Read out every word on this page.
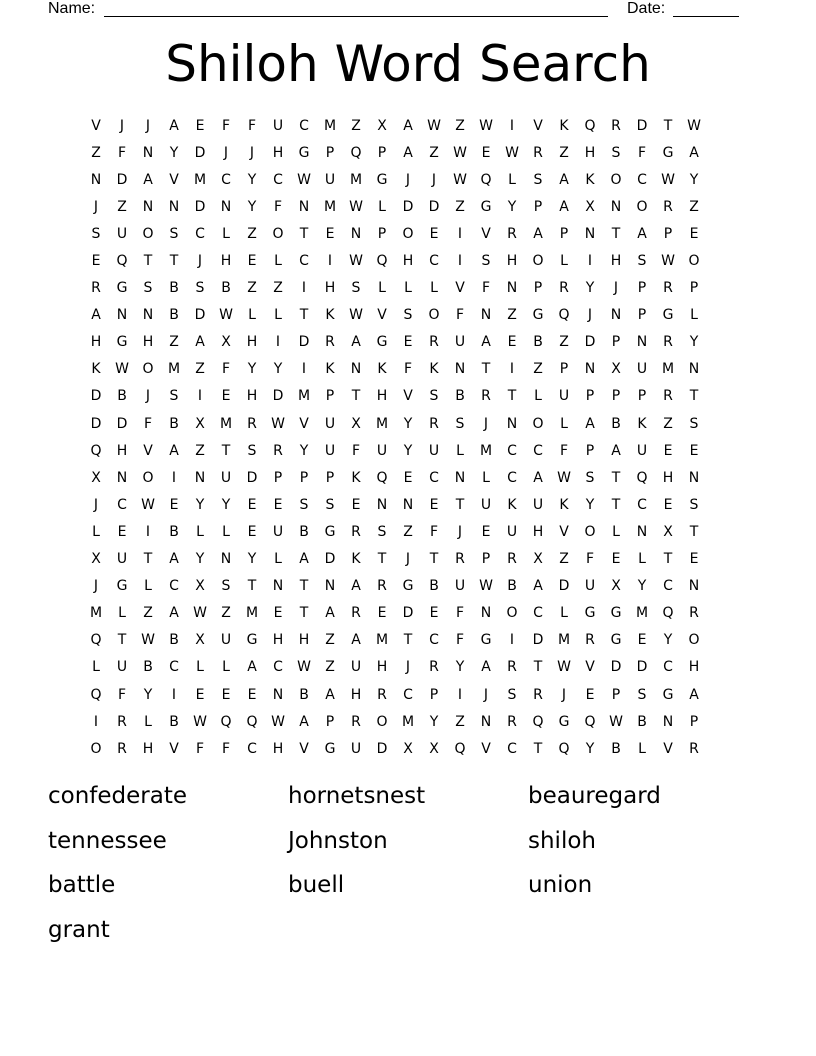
Name:	Date:
Shiloh Word Search
V	J	J	A	E	F	F	U	C	M	Z	X	A	W	Z	W	I	V	K	Q	R	D	T	W
Z	F	N	Y	D	J	J	H	G	P	Q	P	A	Z	W	E	W	R	Z	H	S	F	G	A
N	D	A	V	M	C	Y	C	W U	M	G	J	J	W Q	L	S	A	K	O	C	W	Y
J	Z	N	N	D	N	Y	F	N	M W	L	D	D	Z	G	Y	P	A	X	N	O	R	Z
S	U	O	S	C	L	Z	O	T	E	N	P	O	E	I	V	R	A	P	N	T	A	P	E
E	Q	T	T	J	H	E	L	C	I	W Q	H	C	I	S	H	O	L	I	H	S	W O
R	G	S	B	S	B	Z	Z	I	H	S	L	L	L	V	F	N	P	R	Y	J	P	R	P
A	N	N	B	D W	L	L	T	K	W	V	S	O	F	N	Z	G	Q	J	N	P	G	L
H	G	H	Z	A	X	H	I	D	R	A	G	E	R	U	A	E	B	Z	D	P	N	R	Y
K	W O	M	Z	F	Y	Y	I	K	N	K	F	K	N	T	I	Z	P	N	X	U	M	N
D	B	J	S	I	E	H	D	M	P	T	H	V	S	B	R	T	L	U	P	P	P	R	T
D	D	F	B	X	M	R	W	V	U	X	M	Y	R	S	J	N	O	L	A	B	K	Z	S
Q	H	V	A	Z	T	S	R	Y	U	F	U	Y	U	L	M	C	C	F	P	A	U	E	E
X	N	O	I	N	U	D	P	P	P	K	Q	E	C	N	L	C	A	W	S	T	Q	H	N
J	C	W	E	Y	Y	E	E	S	S	E	N	N	E	T	U	K	U	K	Y	T	C	E	S
L	E	I	B	L	L	E	U	B	G	R	S	Z	F	J	E	U	H	V	O	L	N	X	T
X	U	T	A	Y	N	Y	L	A	D	K	T	J	T	R	P	R	X	Z	F	E	L	T	E
J	G	L	C	X	S	T	N	T	N	A	R	G	B	U W	B	A	D	U	X	Y	C	N
M	L	Z	A	W	Z	M	E	T	A	R	E	D	E	F	N	O	C	L	G	G	M	Q	R
Q	T	W	B	X	U	G	H	H	Z	A	M	T	C	F	G	I	D	M	R	G	E	Y	O
L	U	B	C	L	L	A	C	W	Z	U	H	J	R	Y	A	R	T	W	V	D	D	C	H
Q	F	Y	I	E	E	E	N	B	A	H	R	C	P	I	J	S	R	J	E	P	S	G	A
I	R	L	B	W Q	Q W	A	P	R	O	M	Y	Z	N	R	Q	G	Q W	B	N	P
O	R	H	V	F	F	C	H	V	G	U	D	X	X	Q	V	C	T	Q	Y	B	L	V	R
confederate	hornetsnest	beauregard
tennessee	Johnston	shiloh
battle	buell	union
grant
